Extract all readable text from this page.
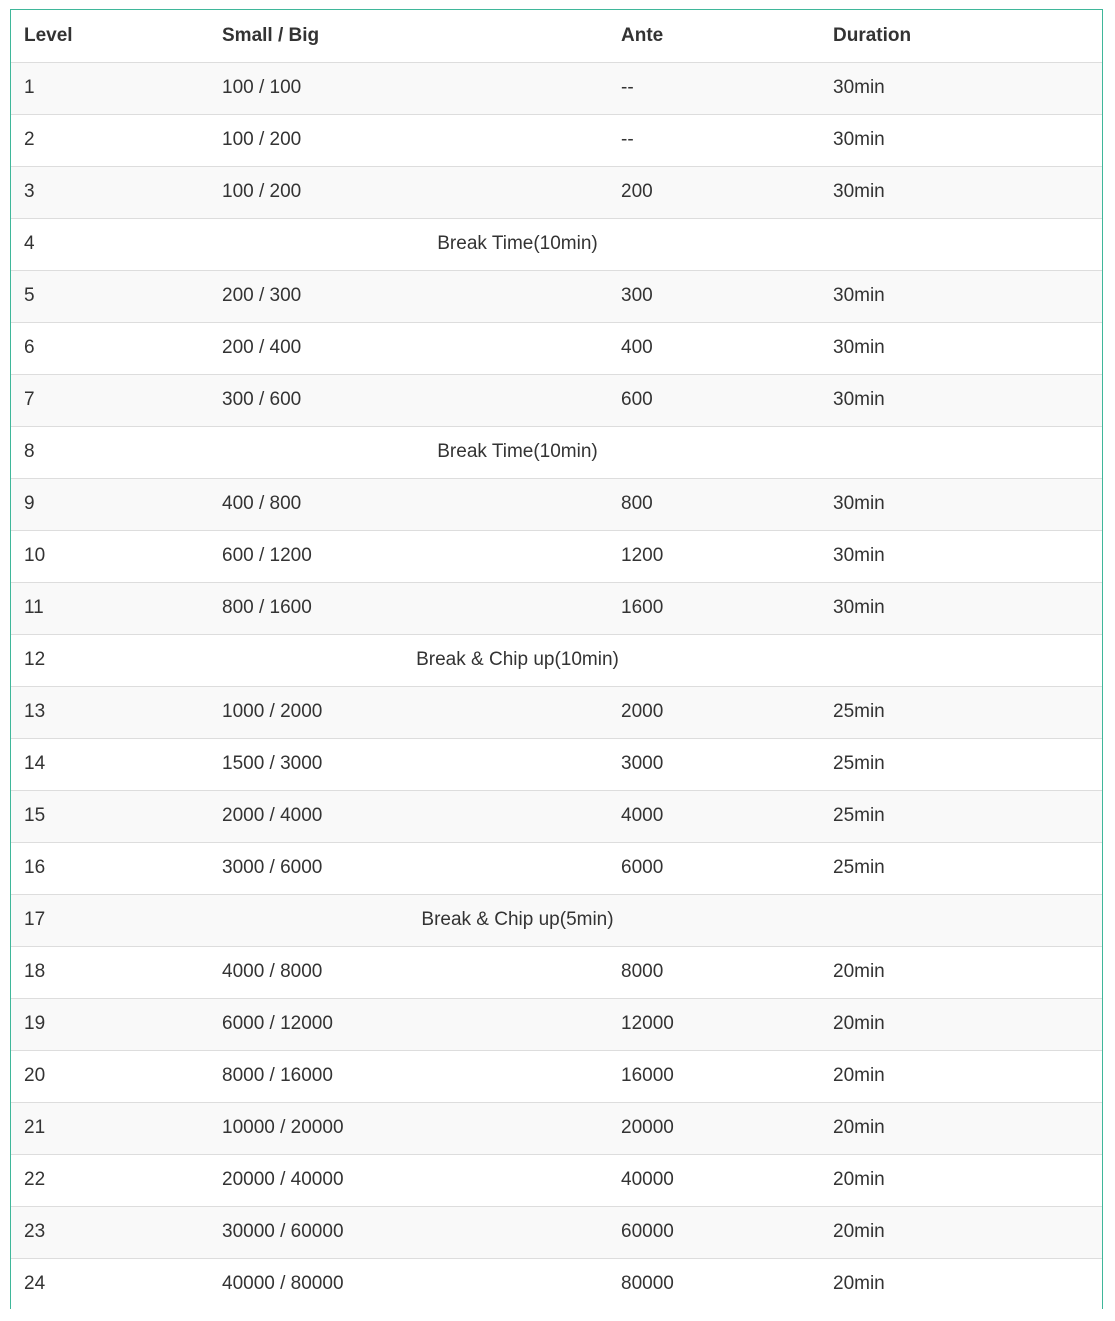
Level	Small / Big	Ante	Duration
1	100 / 100	--	30min
2	100 / 200	--	30min
3	100 / 200	200	30min
4	Break Time(10min)		
5	200 / 300	300	30min
6	200 / 400	400	30min
7	300 / 600	600	30min
8	Break Time(10min)		
9	400 / 800	800	30min
10	600 / 1200	1200	30min
11	800 / 1600	1600	30min
12	Break & Chip up(10min)		
13	1000 / 2000	2000	25min
14	1500 / 3000	3000	25min
15	2000 / 4000	4000	25min
16	3000 / 6000	6000	25min
17	Break & Chip up(5min)		
18	4000 / 8000	8000	20min
19	6000 / 12000	12000	20min
20	8000 / 16000	16000	20min
21	10000 / 20000	20000	20min
22	20000 / 40000	40000	20min
23	30000 / 60000	60000	20min
24	40000 / 80000	80000	20min
